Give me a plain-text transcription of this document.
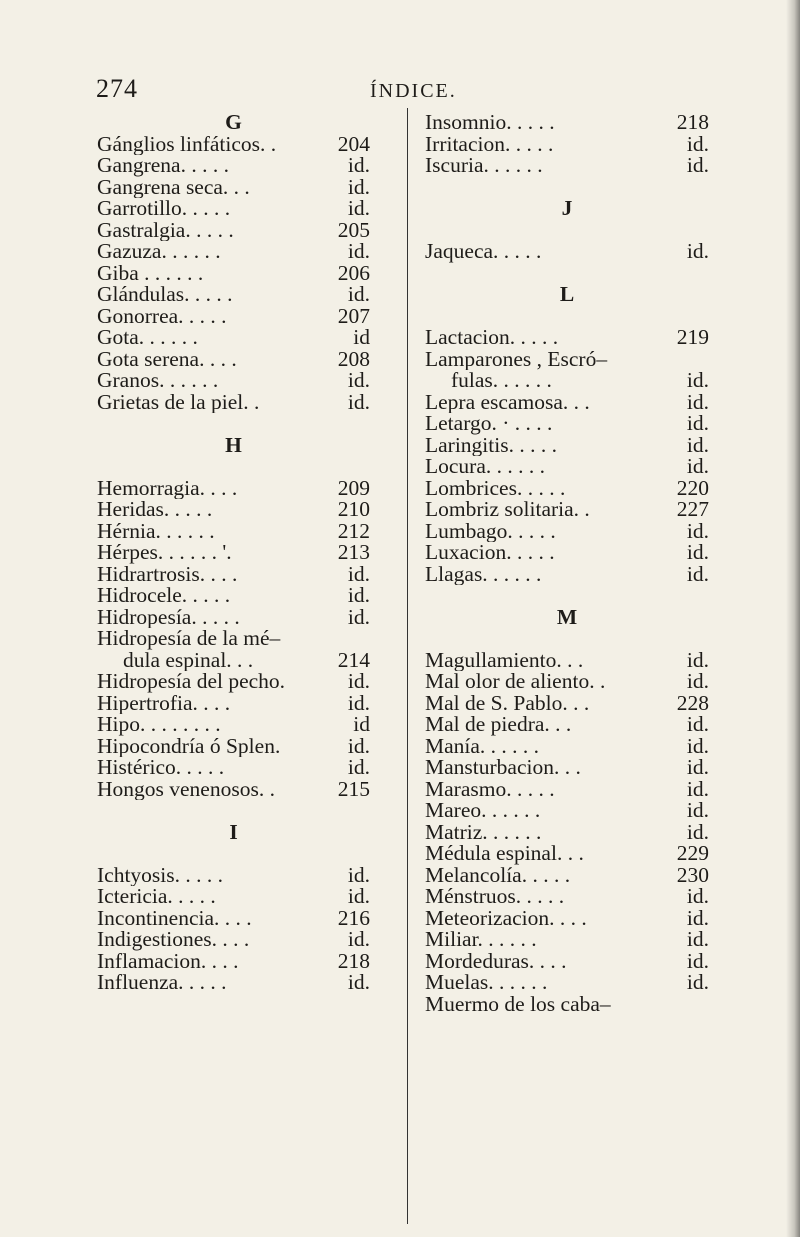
274	ÍNDICE.
G
Gánglios linfáticos. .	204
Gangrena. . . . .	id.
Gangrena seca. . .	id.
Garrotillo. . . . .	id.
Gastralgia. . . . .	205
Gazuza. . . . . .	id.
Giba . . . . . .	206
Glándulas. . . . .	id.
Gonorrea. . . . .	207
Gota. . . . . .	id
Gota serena. . . .	208
Granos. . . . . .	id.
Grietas de la piel. .	id.
H
Hemorragia. . . .	209
Heridas. . . . .	210
Hérnia. . . . . .	212
Hérpes. . . . . . '.	213
Hidrartrosis. . . .	id.
Hidrocele. . . . .	id.
Hidropesía. . . . .	id.
Hidropesía de la mé–
dula espinal. . .	214
Hidropesía del pecho.	id.
Hipertrofia. . . .	id.
Hipo. . . . . . . .	id
Hipocondría ó Splen.	id.
Histérico. . . . .	id.
Hongos venenosos. .	215
I
Ichtyosis. . . . .	id.
Ictericia. . . . .	id.
Incontinencia. . . .	216
Indigestiones. . . .	id.
Inflamacion. . . .	218
Influenza. . . . .	id.
Insomnio. . . . .	218
Irritacion. . . . .	id.
Iscuria. . . . . .	id.
J
Jaqueca. . . . .	id.
L
Lactacion. . . . .	219
Lamparones , Escró–
fulas. . . . . .	id.
Lepra escamosa. . .	id.
Letargo. · . . . .	id.
Laringitis. . . . .	id.
Locura. . . . . .	id.
Lombrices. . . . .	220
Lombriz solitaria. .	227
Lumbago. . . . .	id.
Luxacion. . . . .	id.
Llagas. . . . . .	id.
M
Magullamiento. . .	id.
Mal olor de aliento. .	id.
Mal de S. Pablo. . .	228
Mal de piedra. . .	id.
Manía. . . . . .	id.
Mansturbacion. . .	id.
Marasmo. . . . .	id.
Mareo. . . . . .	id.
Matriz. . . . . .	id.
Médula espinal. . .	229
Melancolía. . . . .	230
Ménstruos. . . . .	id.
Meteorizacion. . . .	id.
Miliar. . . . . .	id.
Mordeduras. . . .	id.
Muelas. . . . . .	id.
Muermo de los caba–
